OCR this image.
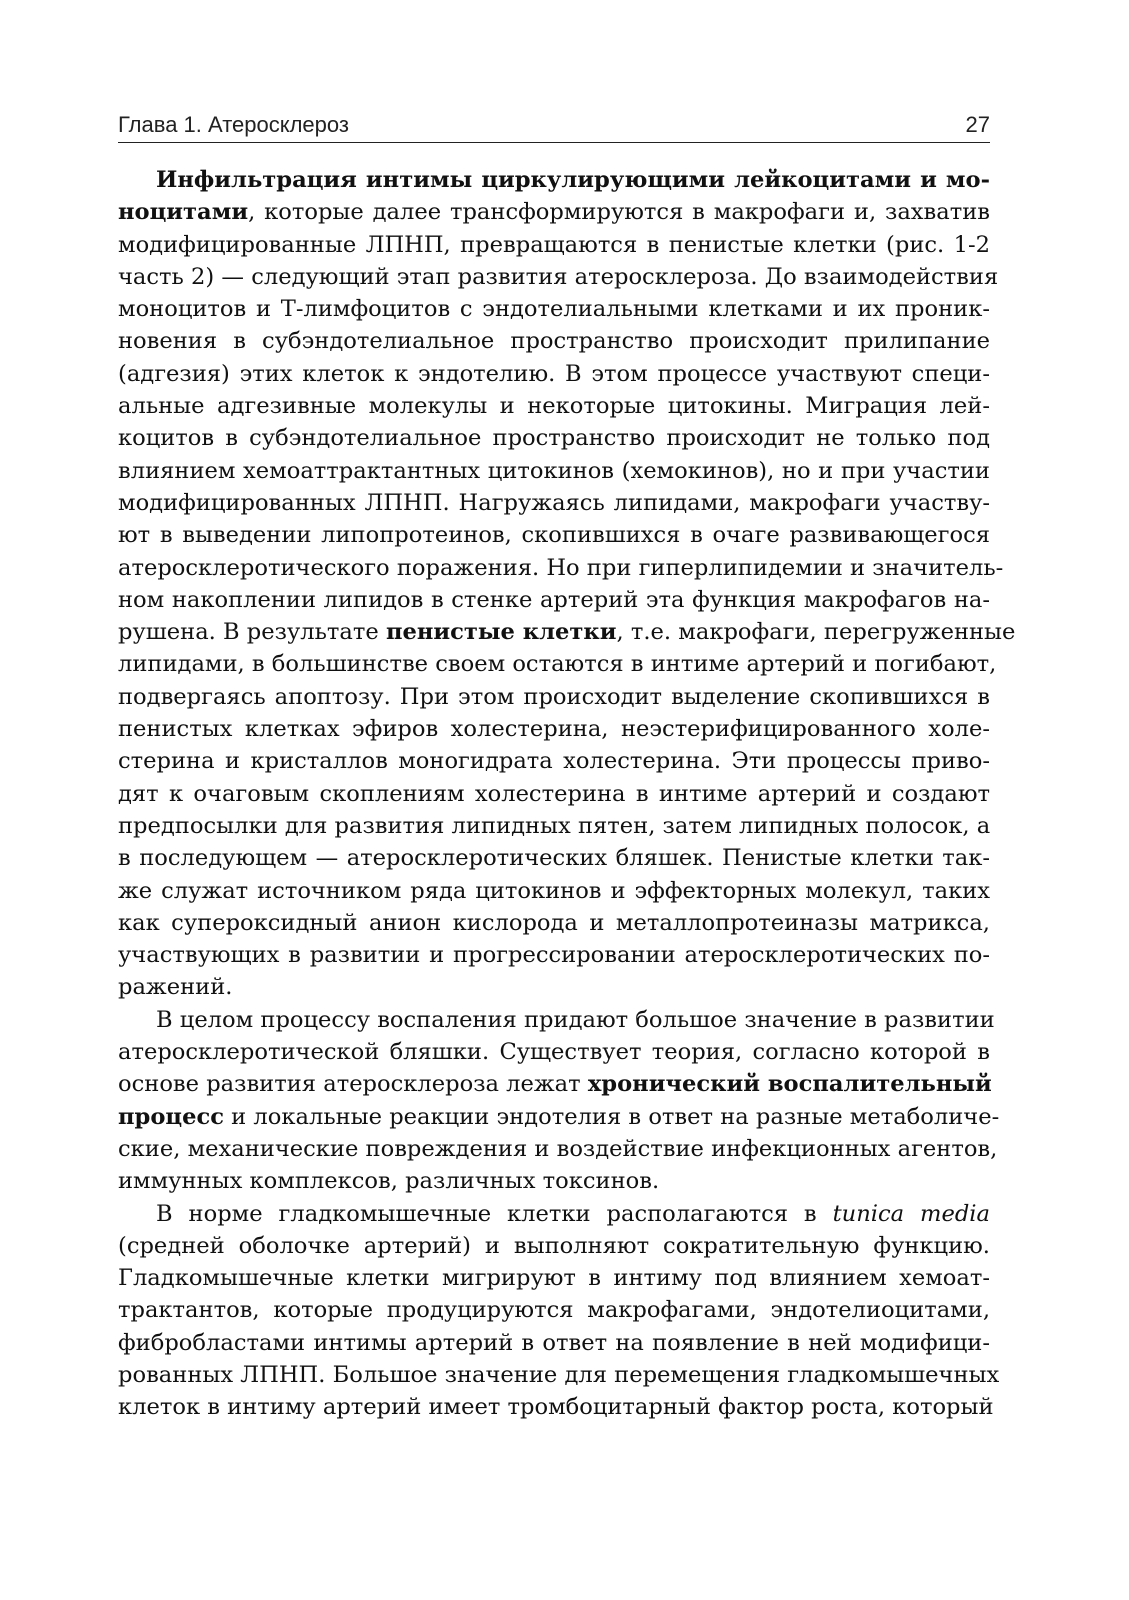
Глава 1. Атеросклероз	27
Инфильтрация интимы циркулирующими лейкоцитами и мо-
ноцитами, которые далее трансформируются в макрофаги и, захватив
модифицированные ЛПНП, превращаются в пенистые клетки (рис. 1-2
часть 2) — следующий этап развития атеросклероза. До взаимодействия
моноцитов и Т-лимфоцитов с эндотелиальными клетками и их проник-
новения в субэндотелиальное пространство происходит прилипание
(адгезия) этих клеток к эндотелию. В этом процессе участвуют специ-
альные адгезивные молекулы и некоторые цитокины. Миграция лей-
коцитов в субэндотелиальное пространство происходит не только под
влиянием хемоаттрактантных цитокинов (хемокинов), но и при участии
модифицированных ЛПНП. Нагружаясь липидами, макрофаги участву-
ют в выведении липопротеинов, скопившихся в очаге развивающегося
атеросклеротического поражения. Но при гиперлипидемии и значитель-
ном накоплении липидов в стенке артерий эта функция макрофагов на-
рушена. В результате пенистые клетки, т.е. макрофаги, перегруженные
липидами, в большинстве своем остаются в интиме артерий и погибают,
подвергаясь апоптозу. При этом происходит выделение скопившихся в
пенистых клетках эфиров холестерина, неэстерифицированного холе-
стерина и кристаллов моногидрата холестерина. Эти процессы приво-
дят к очаговым скоплениям холестерина в интиме артерий и создают
предпосылки для развития липидных пятен, затем липидных полосок, а
в последующем — атеросклеротических бляшек. Пенистые клетки так-
же служат источником ряда цитокинов и эффекторных молекул, таких
как супероксидный анион кислорода и металлопротеиназы матрикса,
участвующих в развитии и прогрессировании атеросклеротических по-
ражений.
В целом процессу воспаления придают большое значение в развитии
атеросклеротической бляшки. Существует теория, согласно которой в
основе развития атеросклероза лежат хронический воспалительный
процесс и локальные реакции эндотелия в ответ на разные метаболиче-
ские, механические повреждения и воздействие инфекционных агентов,
иммунных комплексов, различных токсинов.
В норме гладкомышечные клетки располагаются в tunica media
(средней оболочке артерий) и выполняют сократительную функцию.
Гладкомышечные клетки мигрируют в интиму под влиянием хемоат-
трактантов, которые продуцируются макрофагами, эндотелиоцитами,
фибробластами интимы артерий в ответ на появление в ней модифици-
рованных ЛПНП. Большое значение для перемещения гладкомышечных
клеток в интиму артерий имеет тромбоцитарный фактор роста, который
